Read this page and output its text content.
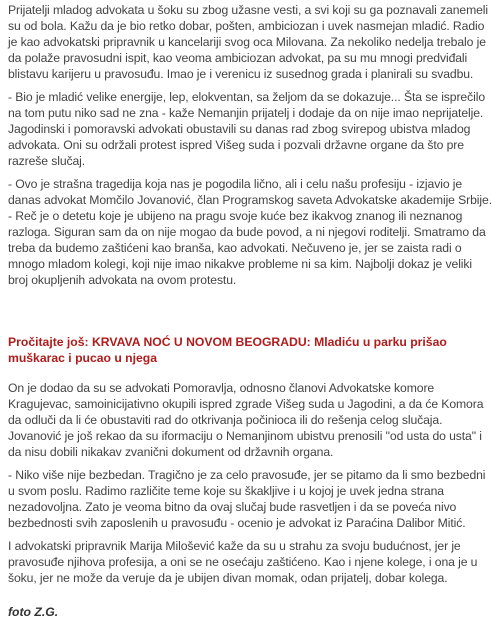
Prijatelji mladog advokata u šoku su zbog užasne vesti, a svi koji su ga poznavali zanemeli su od bola. Kažu da je bio retko dobar, pošten, ambiciozan i uvek nasmejan mladić. Radio je kao advokatski pripravnik u kancelariji svog oca Milovana. Za nekoliko nedelja trebalo je da polaže pravosudni ispit, kao veoma ambiciozan advokat, pa su mu mnogi predviđali blistavu karijeru u pravosuđu. Imao je i verenicu iz susednog grada i planirali su svadbu.

- Bio je mladić velike energije, lep, elokventan, sa željom da se dokazuje... Šta se isprečilo na tom putu niko sad ne zna - kaže Nemanjin prijatelj i dodaje da on nije imao neprijatelje. Jagodinski i pomoravski advokati obustavili su danas rad zbog svirepog ubistva mladog advokata. Oni su održali protest ispred Višeg suda i pozvali državne organe da što pre razreše slučaj.

- Ovo je strašna tragedija koja nas je pogodila lično, ali i celu našu profesiju - izjavio je danas advokat Momčilo Jovanović, član Programskog saveta Advokatske akademije Srbije. - Reč je o detetu koje je ubijeno na pragu svoje kuće bez ikakvog znanog ili neznanog razloga. Siguran sam da on nije mogao da bude povod, a ni njegovi roditelji. Smatramo da treba da budemo zaštićeni kao branša, kao advokati. Nečuveno je, jer se zaista radi o mnogo mladom kolegi, koji nije imao nikakve probleme ni sa kim. Najbolji dokaz je veliki broj okupljenih advokata na ovom protestu.

Pročitajte još: KRVAVA NOĆ U NOVOM BEOGRADU: Mladiću u parku prišao muškarac i pucao u njega

On je dodao da su se advokati Pomoravlja, odnosno članovi Advokatske komore Kragujevac, samoinicijativno okupili ispred zgrade Višeg suda u Jagodini, a da će Komora da odluči da li će obustaviti rad do otkrivanja počinioca ili do rešenja celog slučaja. Jovanović je još rekao da su iformaciju o Nemanjinom ubistvu prenosili "od usta do usta" i da nisu dobili nikakav zvanični dokument od državnih organa.

- Niko više nije bezbedan. Tragično je za celo pravosuđe, jer se pitamo da li smo bezbedni u svom poslu. Radimo različite teme koje su škakljive i u kojoj je uvek jedna strana nezadovoljna. Zato je veoma bitno da ovaj slučaj bude rasvetljen i da se poveća nivo bezbednosti svih zaposlenih u pravosuđu - ocenio je advokat iz Paraćina Dalibor Mitić.

I advokatski pripravnik Marija Milošević kaže da su u strahu za svoju budućnost, jer je pravosuđe njihova profesija, a oni se ne osećaju zaštićeno. Kao i njene kolege, i ona je u šoku, jer ne može da veruje da je ubijen divan momak, odan prijatelj, dobar kolega.

foto Z.G.
